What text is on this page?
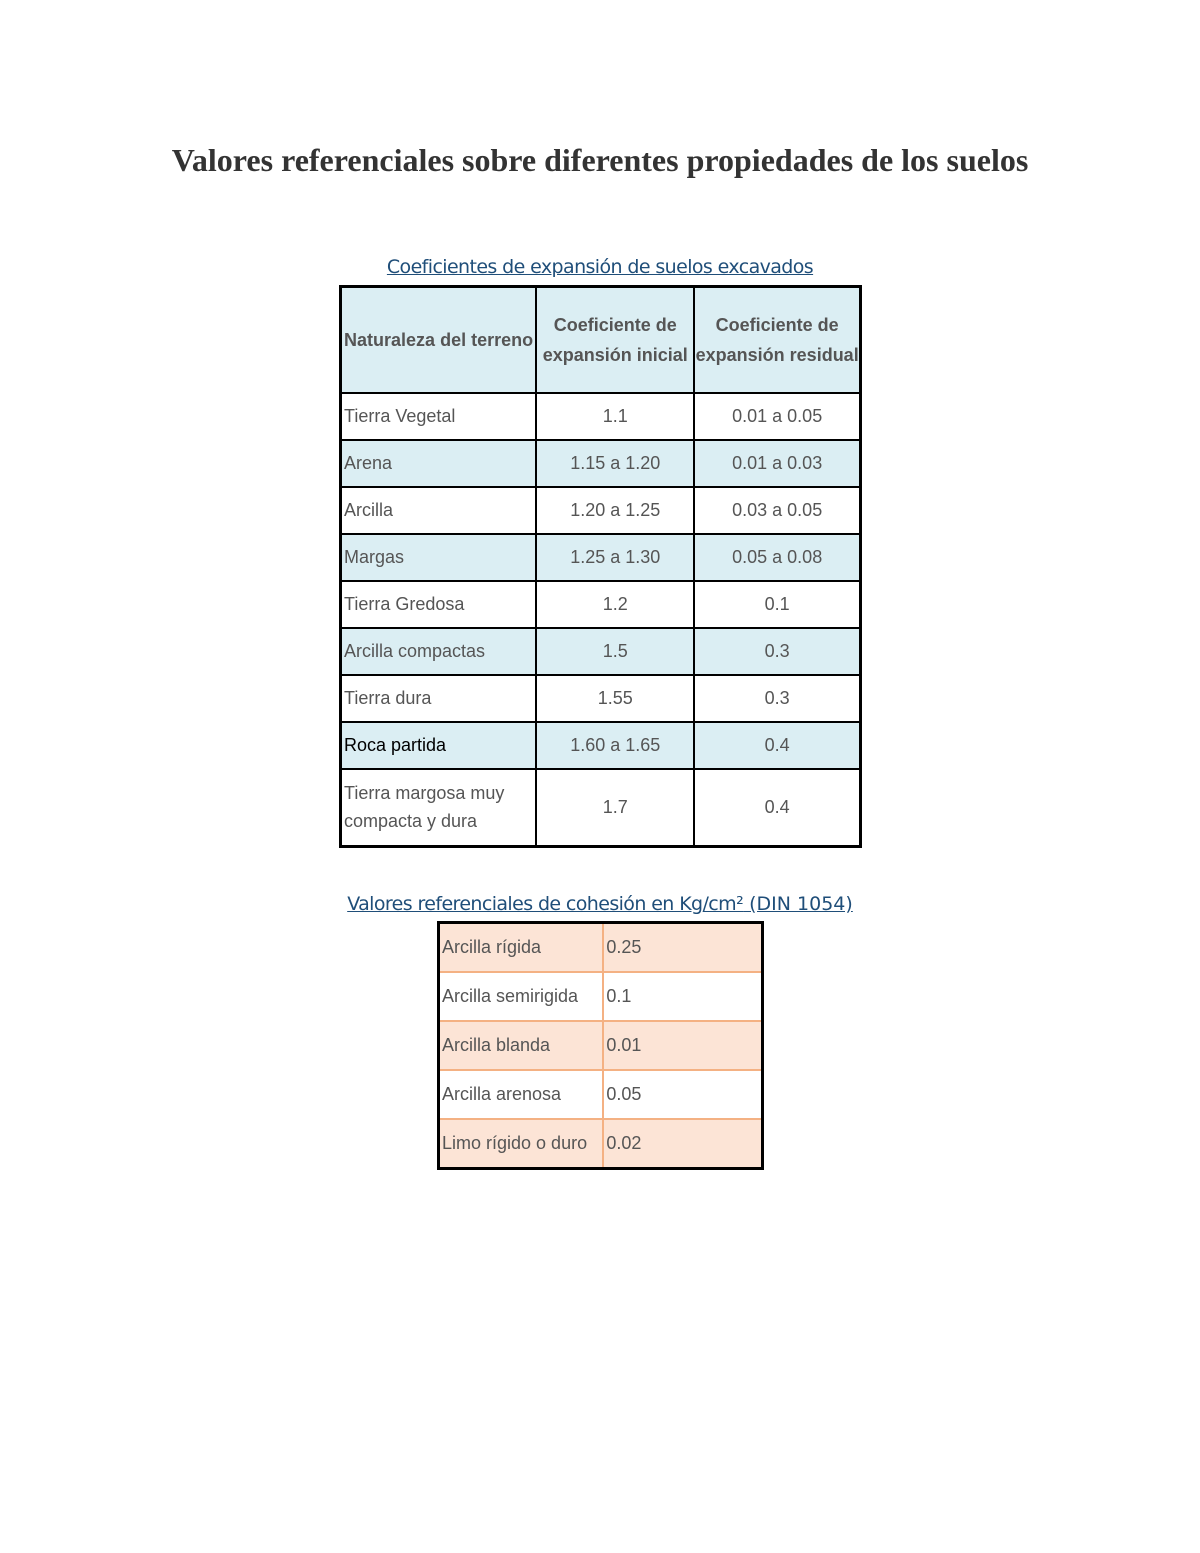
Valores referenciales sobre diferentes propiedades de los suelos
Coeficientes de expansión de suelos excavados
Naturaleza del terreno	Coeficiente de expansión inicial	Coeficiente de expansión residual
Tierra Vegetal	1.1	0.01 a 0.05
Arena	1.15 a 1.20	0.01 a 0.03
Arcilla	1.20 a 1.25	0.03 a 0.05
Margas	1.25 a 1.30	0.05 a 0.08
Tierra Gredosa	1.2	0.1
Arcilla compactas	1.5	0.3
Tierra dura	1.55	0.3
Roca partida	1.60 a 1.65	0.4
Tierra margosa muy compacta y dura	1.7	0.4
Valores referenciales de cohesión en Kg/cm² (DIN 1054)
Arcilla rígida	0.25
Arcilla semirigida	0.1
Arcilla blanda	0.01
Arcilla arenosa	0.05
Limo rígido o duro	0.02
